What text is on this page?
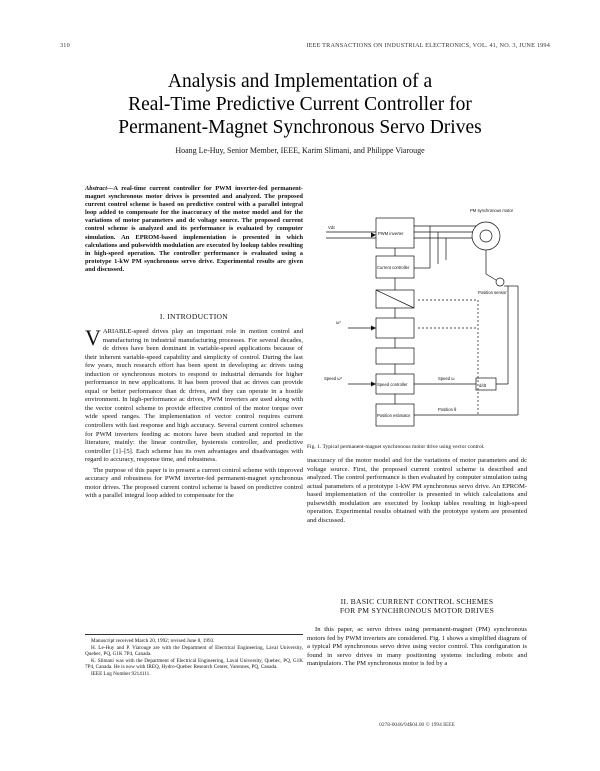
310	IEEE TRANSACTIONS ON INDUSTRIAL ELECTRONICS, VOL. 41, NO. 3, JUNE 1994
Analysis and Implementation of a
Real-Time Predictive Current Controller for
Permanent-Magnet Synchronous Servo Drives
Hoang Le-Huy, Senior Member, IEEE, Karim Slimani, and Philippe Viarouge
Abstract—A real-time current controller for PWM inverter-fed permanent-magnet synchronous motor drives is presented and analyzed. The proposed current control scheme is based on predictive control with a parallel integral loop added to compensate for the inaccuracy of the motor model and for the variations of motor parameters and dc voltage source. The proposed current control scheme is analyzed and its performance is evaluated by computer simulation. An EPROM-based implementation is presented in which calculations and pulsewidth modulation are executed by lookup tables resulting in high-speed operation. The controller performance is evaluated using a prototype 1-kW PM synchronous servo drive. Experimental results are given and discussed.
I. INTRODUCTION
VARIABLE-speed drives play an important role in motion control and manufacturing in industrial manufacturing processes. For several decades, dc drives have been dominant in variable-speed applications because of their inherent variable-speed capability and simplicity of control. During the last few years, much research effort has been spent in developing ac drives using induction or synchronous motors to respond to industrial demands for higher performance in new applications. It has been proved that ac drives can provide equal or better performance than dc drives, and they can operate in a hostile environment. In high-performance ac drives, PWM inverters are used along with the vector control scheme to provide effective control of the motor torque over wide speed ranges. The implementation of vector control requires current controllers with fast response and high accuracy. Several current control schemes for PWM inverters feeding ac motors have been studied and reported in the literature, mainly: the linear controller, hysteresis controller, and predictive controller [1]–[5]. Each scheme has its own advantages and disadvantages with regard to accuracy, response time, and robustness.
The purpose of this paper is to present a current control scheme with improved accuracy and robustness for PWM inverter-fed permanent-magnet synchronous motor drives. The proposed current control scheme is based on predictive control with a parallel integral loop added to compensate for the

Manuscript received March 20, 1992; revised June 8, 1993.

H. Le-Huy and P. Viarouge are with the Department of Electrical Engineering, Laval University, Quebec, PQ, G1K 7P4, Canada.

K. Slimani was with the Department of Electrical Engineering, Laval University, Quebec, PQ, G1K 7P4, Canada. He is now with IREQ, Hydro-Quebec Research Center, Varennes, PQ, Canada.

IEEE Log Number 9214111.

Vdc
PWM inverter
PM synchronous motor
Current controller
Position sensor
Speed controller
Speed ω*	Speed ω
d/dt
Position estimator
Position θ
ω*
Fig. 1. Typical permanent-magnet synchronous motor drive using vector control.
inaccuracy of the motor model and for the variations of motor parameters and dc voltage source. First, the proposed current control scheme is described and analyzed. The control performance is then evaluated by computer simulation using actual parameters of a prototype 1-kW PM synchronous servo drive. An EPROM-based implementation of the controller is presented in which calculations and pulsewidth modulation are executed by lookup tables resulting in high-speed operation. Experimental results obtained with the prototype system are presented and discussed.
II. BASIC CURRENT CONTROL SCHEMES
FOR PM SYNCHRONOUS MOTOR DRIVES
In this paper, ac servo drives using permanent-magnet (PM) synchronous motors fed by PWM inverters are considered. Fig. 1 shows a simplified diagram of a typical PM synchronous servo drive using vector control. This configuration is found in servo drives in many positioning systems including robots and manipulators. The PM synchronous motor is fed by a
0278-0046/94$04.00 © 1994 IEEE
